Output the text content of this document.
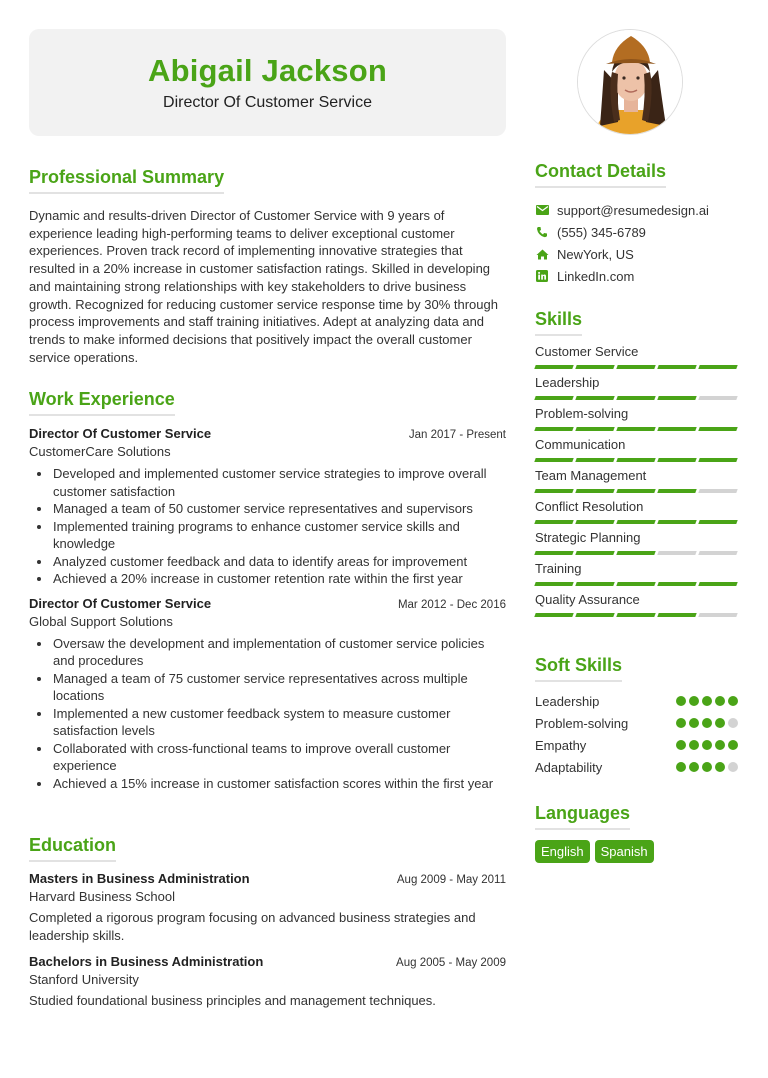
Abigail Jackson
Director Of Customer Service
Professional Summary

Dynamic and results-driven Director of Customer Service with 9 years of experience leading high-performing teams to deliver exceptional customer experiences. Proven track record of implementing innovative strategies that resulted in a 20% increase in customer satisfaction ratings. Skilled in developing and maintaining strong relationships with key stakeholders to drive business growth. Recognized for reducing customer service response time by 30% through process improvements and staff training initiatives. Adept at analyzing data and trends to make informed decisions that positively impact the overall customer service operations.

Work Experience
Director Of Customer Service	Jan 2017 - Present
CustomerCare Solutions
Developed and implemented customer service strategies to improve overall customer satisfaction
Managed a team of 50 customer service representatives and supervisors
Implemented training programs to enhance customer service skills and knowledge
Analyzed customer feedback and data to identify areas for improvement
Achieved a 20% increase in customer retention rate within the first year
Director Of Customer Service	Mar 2012 - Dec 2016
Global Support Solutions
Oversaw the development and implementation of customer service policies and procedures
Managed a team of 75 customer service representatives across multiple locations
Implemented a new customer feedback system to measure customer satisfaction levels
Collaborated with cross-functional teams to improve overall customer experience
Achieved a 15% increase in customer satisfaction scores within the first year
Education
Masters in Business Administration	Aug 2009 - May 2011
Harvard Business School
Completed a rigorous program focusing on advanced business strategies and leadership skills.
Bachelors in Business Administration	Aug 2005 - May 2009
Stanford University
Studied foundational business principles and management techniques.
Contact Details
support@resumedesign.ai
(555) 345-6789
NewYork, US
LinkedIn.com
Skills
Customer Service
Leadership
Problem-solving
Communication
Team Management
Conflict Resolution
Strategic Planning
Training
Quality Assurance
Soft Skills
Leadership
Problem-solving
Empathy
Adaptability
Languages
English	Spanish
